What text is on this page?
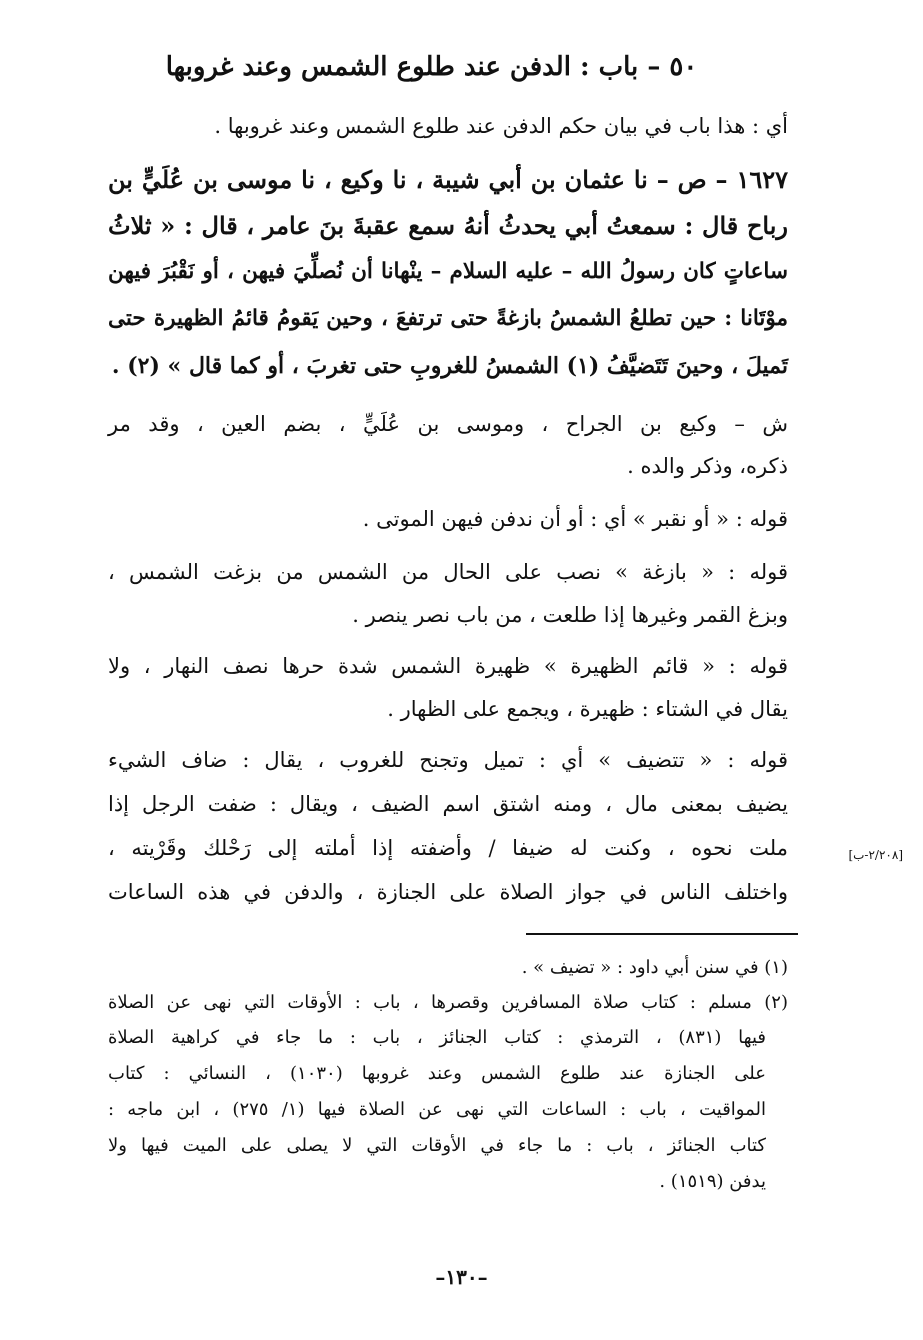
٥٠ – باب : الدفن عند طلوع الشمس وعند غروبها
أي : هذا باب في بيان حكم الدفن عند طلوع الشمس وعند غروبها .
١٦٢٧ – ص – نا عثمان بن أبي شيبة ، نا وكيع ، نا موسى بن عُلَيٍّ بن
رباح قال : سمعتُ أبي يحدثُ أنهُ سمع عقبةَ بنَ عامر ، قال : « ثلاثُ
ساعاتٍ كان رسولُ الله – عليه السلام – ينْهانا أن نُصلِّيَ فيهن ، أو نَقْبُرَ فيهن
موْتَانا : حين تطلعُ الشمسُ بازغةً حتى ترتفعَ ، وحين يَقومُ قائمُ الظهيرة حتى
تَميلَ ، وحينَ تَتَضيَّفُ (١) الشمسُ للغروبِ حتى تغربَ ، أو كما قال » (٢) .
ش – وكيع بن الجراح ، وموسى بن عُلَيٍّ ، بضم العين ، وقد مر
ذكره، وذكر والده .
قوله : « أو نقبر » أي : أو أن ندفن فيهن الموتى .
قوله : « بازغة » نصب على الحال من الشمس من بزغت الشمس ،
وبزغ القمر وغيرها إذا طلعت ، من باب نصر ينصر .
قوله : « قائم الظهيرة » ظهيرة الشمس شدة حرها نصف النهار ، ولا
يقال في الشتاء : ظهيرة ، ويجمع على الظهار .
قوله : « تتضيف » أي : تميل وتجنح للغروب ، يقال : ضاف الشيء
يضيف بمعنى مال ، ومنه اشتق اسم الضيف ، ويقال : ضفت الرجل إذا
ملت نحوه ، وكنت له ضيفا / وأضفته إذا أملته إلى رَحْلك وقَرْيته ،
واختلف الناس في جواز الصلاة على الجنازة ، والدفن في هذه الساعات
[٢/٢٠٨-ب]
(١) في سنن أبي داود : « تضيف » .
(٢) مسلم : كتاب صلاة المسافرين وقصرها ، باب : الأوقات التي نهى عن الصلاة
فيها (٨٣١) ، الترمذي : كتاب الجنائز ، باب : ما جاء في كراهية الصلاة
على الجنازة عند طلوع الشمس وعند غروبها (١٠٣٠) ، النسائي : كتاب
المواقيت ، باب : الساعات التي نهى عن الصلاة فيها (١/ ٢٧٥) ، ابن ماجه :
كتاب الجنائز ، باب : ما جاء في الأوقات التي لا يصلى على الميت فيها ولا
يدفن (١٥١٩) .
–١٣٠–
